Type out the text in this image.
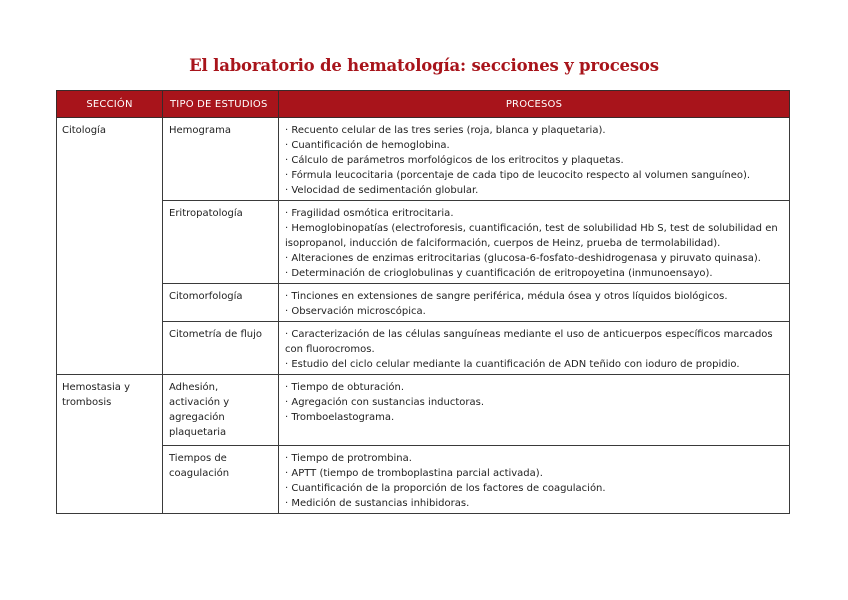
El laboratorio de hematología: secciones y procesos
SECCIÓN	TIPO DE ESTUDIOS	PROCESOS
Citología	Hemograma	· Recuento celular de las tres series (roja, blanca y plaquetaria).
· Cuantificación de hemoglobina.
· Cálculo de parámetros morfológicos de los eritrocitos y plaquetas.
· Fórmula leucocitaria (porcentaje de cada tipo de leucocito respecto al volumen sanguíneo).
· Velocidad de sedimentación globular.

	Eritropatología	· Fragilidad osmótica eritrocitaria.
· Hemoglobinopatías (electroforesis, cuantificación, test de solubilidad Hb S, test de solubilidad en isopropanol, inducción de falciformación, cuerpos de Heinz, prueba de termolabilidad).
· Alteraciones de enzimas eritrocitarias (glucosa-6-fosfato-deshidrogenasa y piruvato quinasa).
· Determinación de crioglobulinas y cuantificación de eritropoyetina (inmunoensayo).

	Citomorfología	· Tinciones en extensiones de sangre periférica, médula ósea y otros líquidos biológicos.
· Observación microscópica.

	Citometría de flujo	· Caracterización de las células sanguíneas mediante el uso de anticuerpos específicos marcados con fluorocromos.
· Estudio del ciclo celular mediante la cuantificación de ADN teñido con ioduro de propidio.

Hemostasia y trombosis	Adhesión, activación y agregación plaquetaria	· Tiempo de obturación.
· Agregación con sustancias inductoras.
· Tromboelastograma.

	Tiempos de coagulación	· Tiempo de protrombina.
· APTT (tiempo de tromboplastina parcial activada).
· Cuantificación de la proporción de los factores de coagulación.
· Medición de sustancias inhibidoras.
